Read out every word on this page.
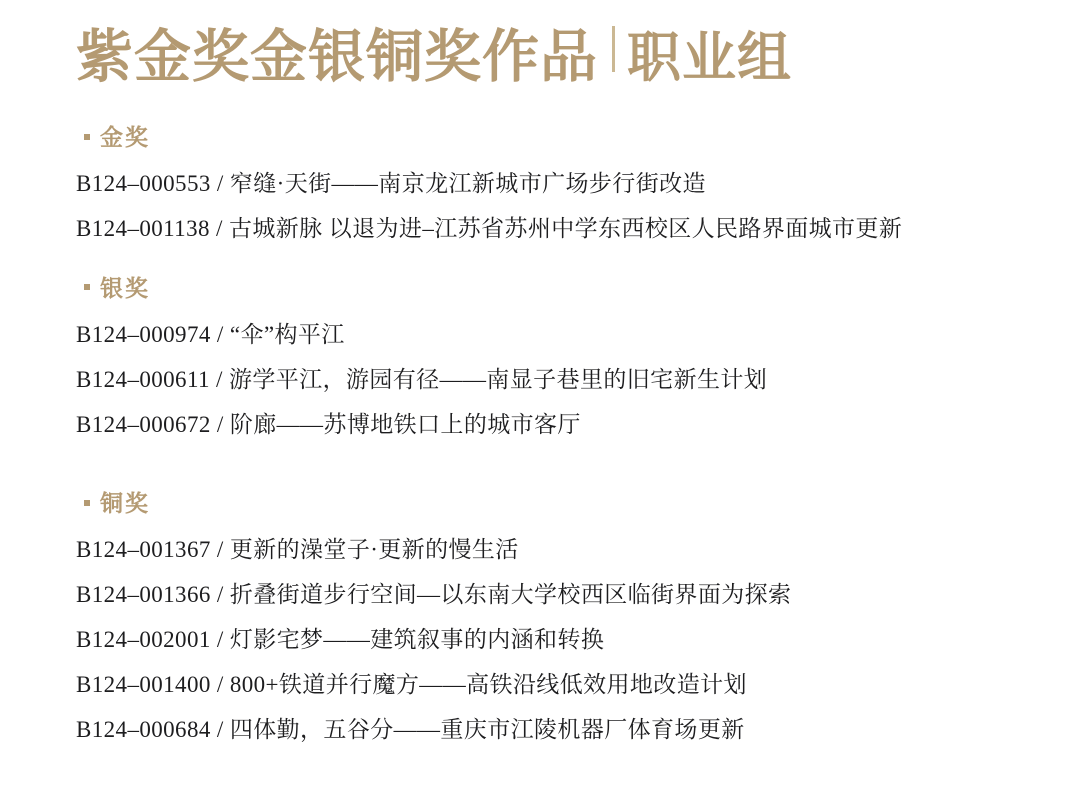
紫金奖金银铜奖作品 职业组
金奖
B124–000553 / 窄缝·天街——南京龙江新城市广场步行街改造
B124–001138 / 古城新脉 以退为进–江苏省苏州中学东西校区人民路界面城市更新
银奖
B124–000974 / “伞”构平江
B124–000611 / 游学平江，游园有径——南显子巷里的旧宅新生计划
B124–000672 / 阶廊——苏博地铁口上的城市客厅
铜奖
B124–001367 / 更新的澡堂子·更新的慢生活
B124–001366 / 折叠街道步行空间—以东南大学校西区临街界面为探索
B124–002001 / 灯影宅梦——建筑叙事的内涵和转换
B124–001400 / 800+铁道并行魔方——高铁沿线低效用地改造计划
B124–000684 / 四体勤，五谷分——重庆市江陵机器厂体育场更新
